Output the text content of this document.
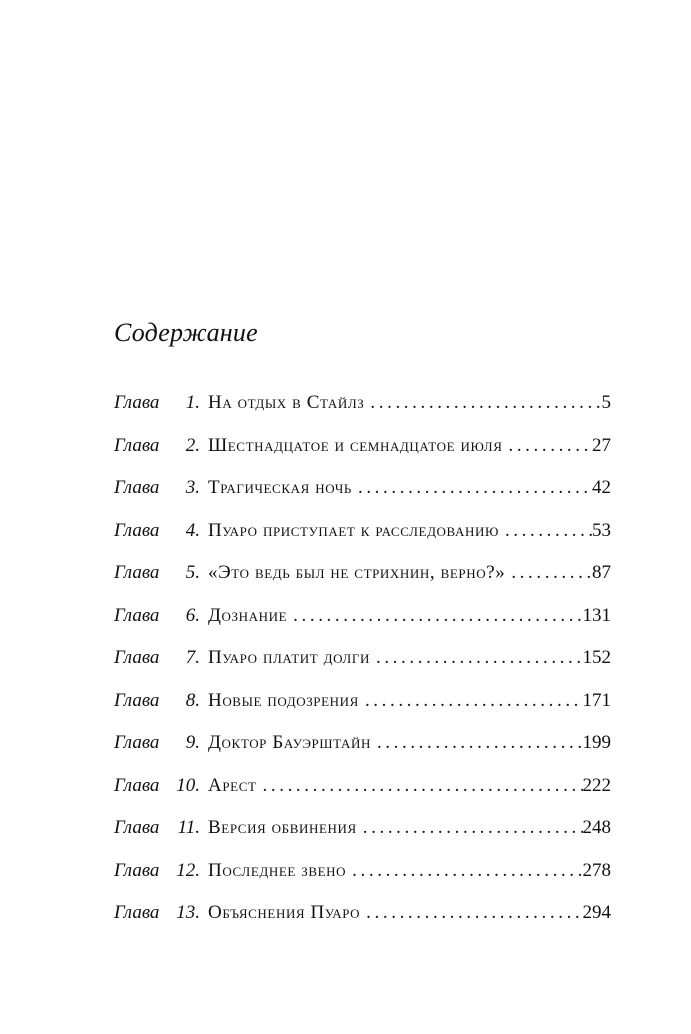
Содержание
Глава	1. На отдых в Стайлз .....	5
Глава	2. Шестнадцатое и семнадцатое июля .....	27
Глава	3. Трагическая ночь .....	42
Глава	4. Пуаро приступает к расследованию .....	53
Глава	5. «Это ведь был не стрихнин, верно?» .....	87
Глава	6. Дознание .....	131
Глава	7. Пуаро платит долги .....	152
Глава	8. Новые подозрения .....	171
Глава	9. Доктор Бауэрштайн .....	199
Глава 10. Арест .....	222
Глава 11. Версия обвинения .....	248
Глава 12. Последнее звено .....	278
Глава 13. Объяснения Пуаро .....	294
